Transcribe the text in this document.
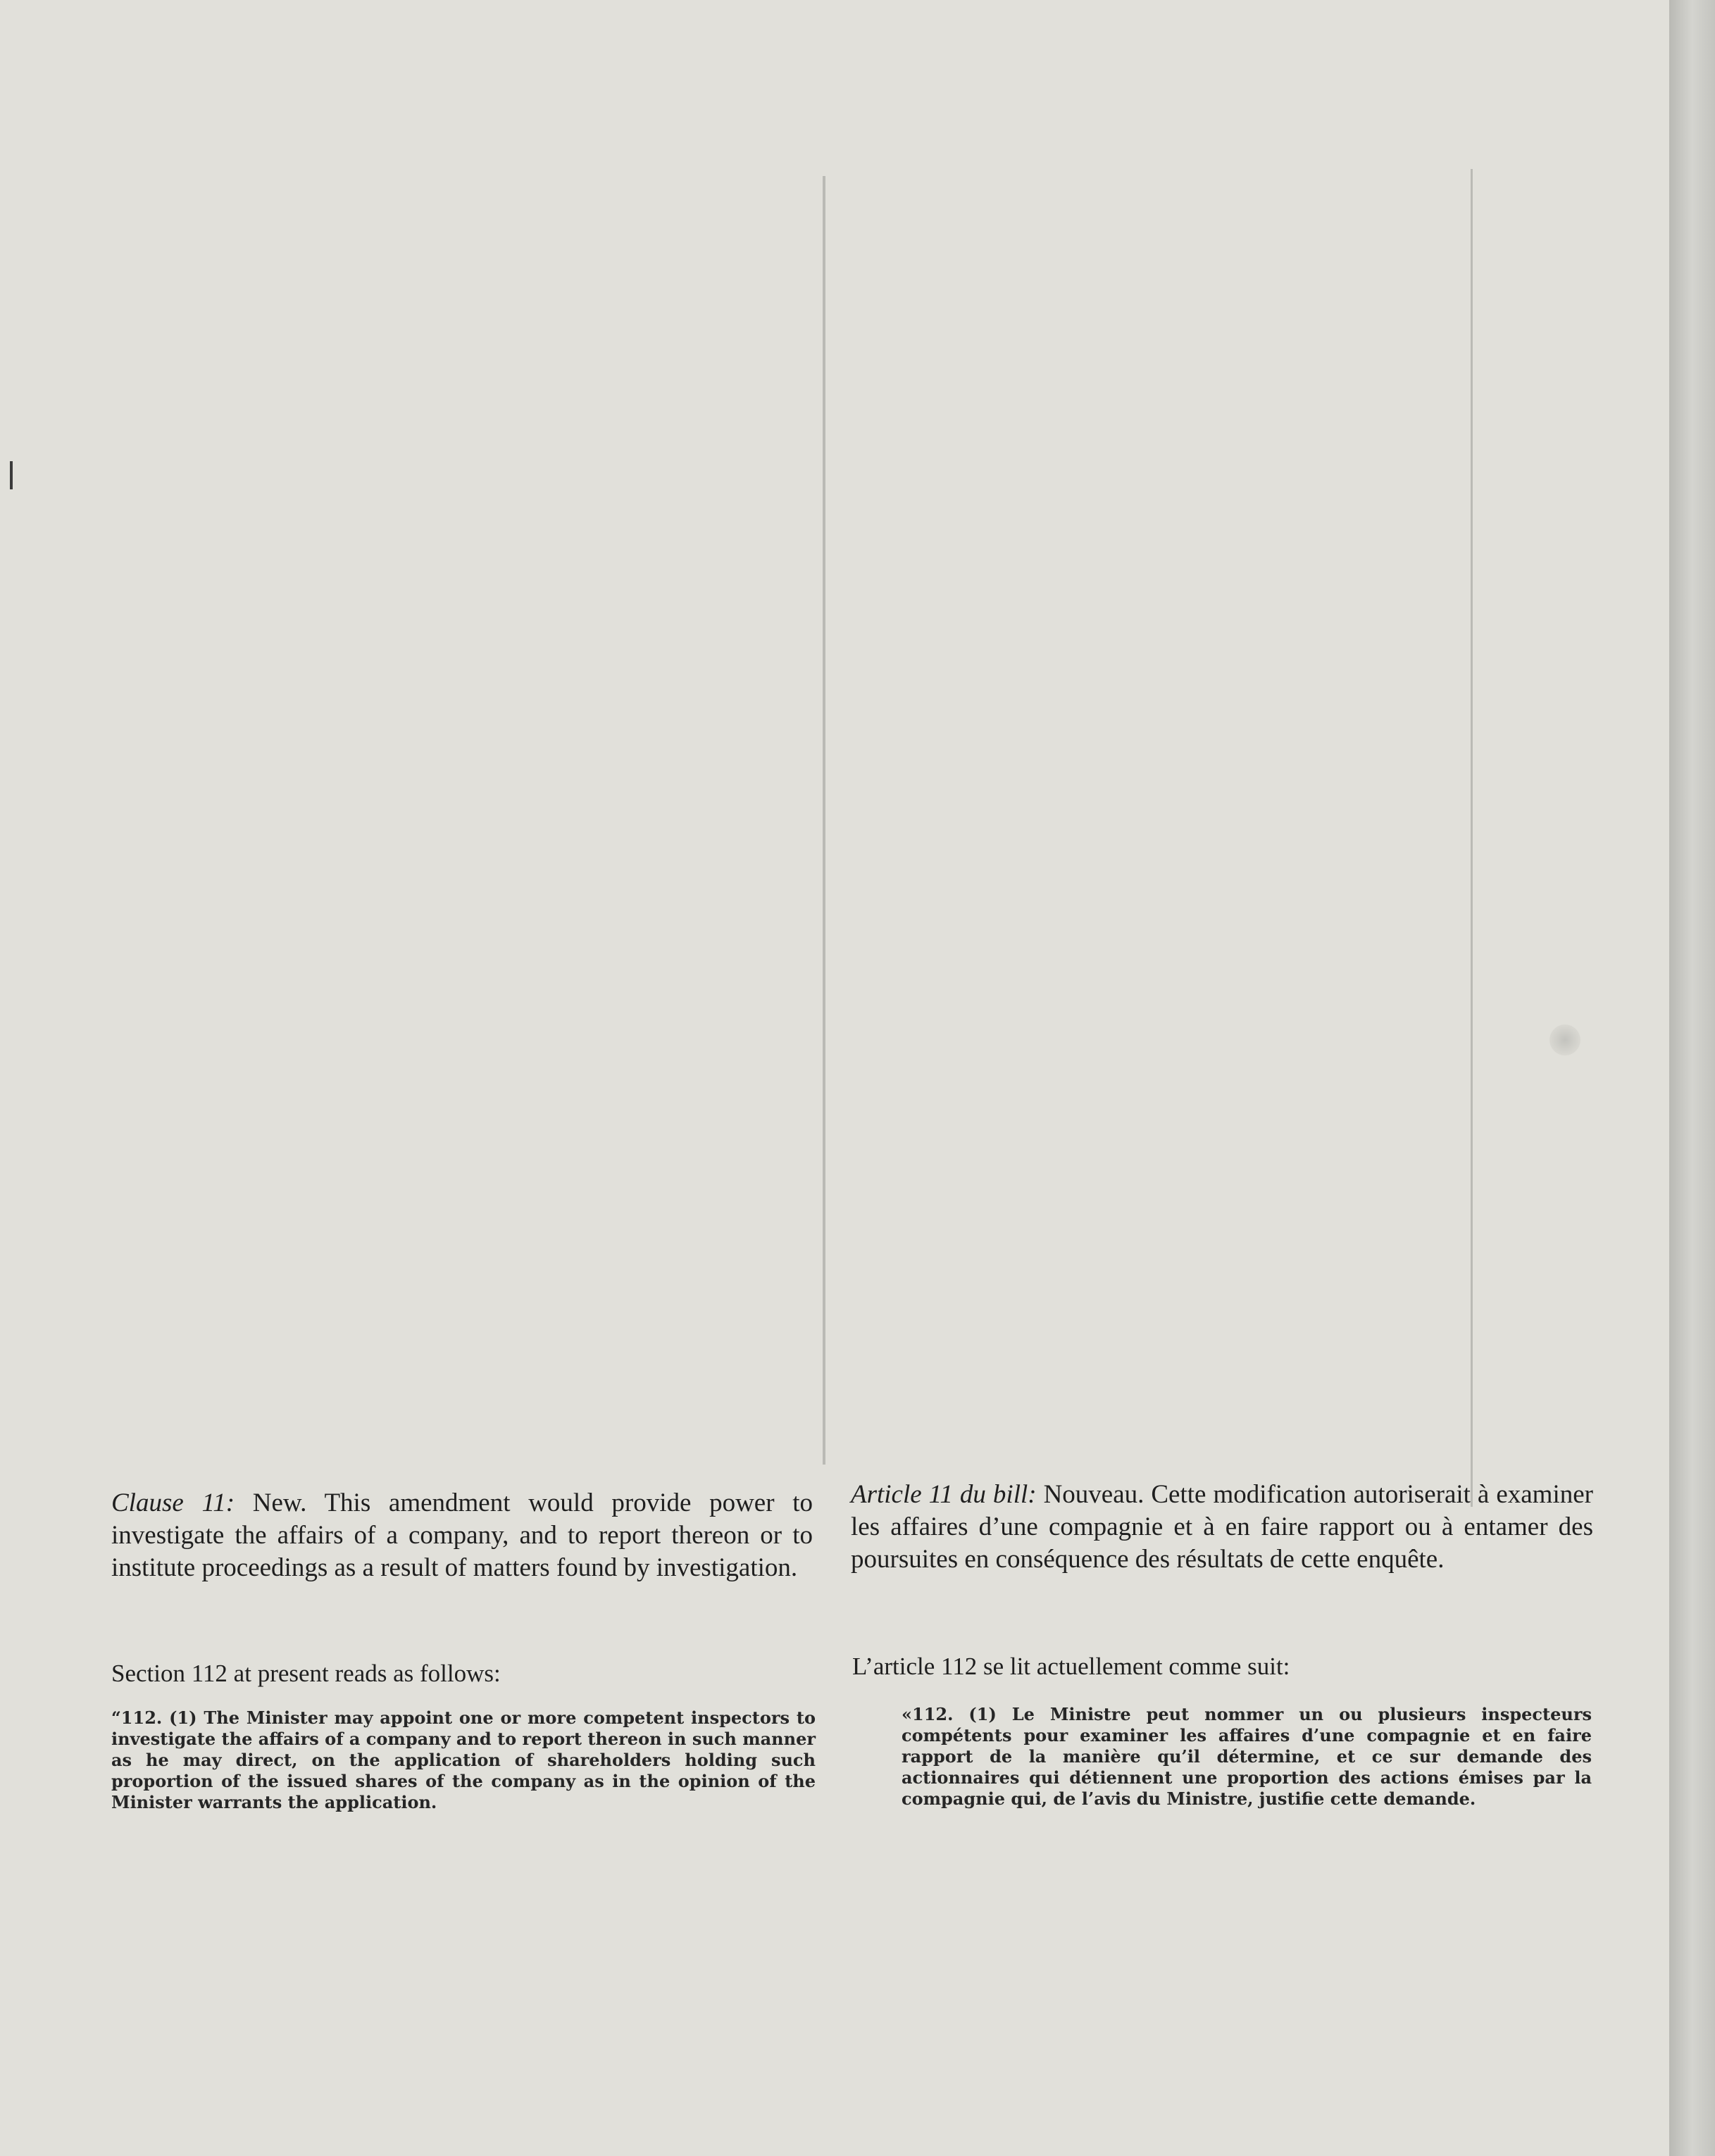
Clause 11: New. This amendment would provide power to investigate the affairs of a company, and to report thereon or to institute proceedings as a result of matters found by investigation.

Section 112 at present reads as follows:

“112. (1) The Minister may appoint one or more competent inspectors to investigate the affairs of a company and to report thereon in such manner as he may direct, on the application of shareholders holding such proportion of the issued shares of the company as in the opinion of the Minister warrants the application.

Article 11 du bill: Nouveau. Cette modification autoriserait à examiner les affaires d’une compagnie et à en faire rapport ou à entamer des poursuites en conséquence des résultats de cette enquête.

L’article 112 se lit actuellement comme suit:

«112. (1) Le Ministre peut nommer un ou plusieurs inspecteurs compétents pour examiner les affaires d’une compagnie et en faire rapport de la manière qu’il détermine, et ce sur demande des actionnaires qui détiennent une proportion des actions émises par la compagnie qui, de l’avis du Ministre, justifie cette demande.
